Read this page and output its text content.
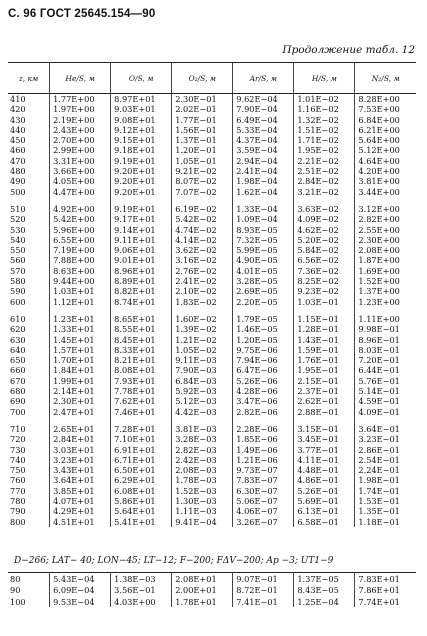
С. 96 ГОСТ 25645.154—90
Продолжение табл. 12
z, км	He/S, м	O/S, м	O₂/S, м	Ar/S, м	H/S, м	N₂/S, м
410	1.77E+00	8.97E+01	2.30E−01	9.62E−04	1.01E−02	8.28E+00
420	1.97E+00	9.03E+01	2.02E−01	7.90E−04	1.16E−02	7.53E+00
430	2.19E+00	9.08E+01	1.77E−01	6.49E−04	1.32E−02	6.84E+00
440	2.43E+00	9.12E+01	1.56E−01	5.33E−04	1.51E−02	6.21E+00
450	2.70E+00	9.15E+01	1.37E−01	4.37E−04	1.71E−02	5.64E+00
460	2.99E+00	9.18E+01	1.20E−01	3.59E−04	1.95E−02	5.12E+00
470	3.31E+00	9.19E+01	1.05E−01	2.94E−04	2.21E−02	4.64E+00
480	3.66E+00	9.20E+01	9.21E−02	2.41E−04	2.51E−02	4.20E+00
490	4.05E+00	9.20E+01	8.07E−02	1.98E−04	2.84E−02	3.81E+00
500	4.47E+00	9.20E+01	7.07E−02	1.62E−04	3.21E−02	3.44E+00

510	4.92E+00	9.19E+01	6.19E−02	1.33E−04	3.63E−02	3.12E+00
520	5.42E+00	9.17E+01	5.42E−02	1.09E−04	4.09E−02	2.82E+00
530	5.96E+00	9.14E+01	4.74E−02	8.93E−05	4.62E−02	2.55E+00
540	6.55E+00	9.11E+01	4.14E−02	7.32E−05	5.20E−02	2.30E+00
550	7.19E+00	9.06E+01	3.62E−02	5.99E−05	5.84E−02	2.08E+00
560	7.88E+00	9.01E+01	3.16E−02	4.90E−05	6.56E−02	1.87E+00
570	8.63E+00	8.96E+01	2.76E−02	4.01E−05	7.36E−02	1.69E+00
580	9.44E+00	8.89E+01	2.41E−02	3.28E−05	8.25E−02	1.52E+00
590	1.03E+01	8.82E+01	2.10E−02	2.69E−05	9.23E−02	1.37E+00
600	1.12E+01	8.74E+01	1.83E−02	2.20E−05	1.03E−01	1.23E+00

610	1.23E+01	8.65E+01	1.60E−02	1.79E−05	1.15E−01	1.11E+00
620	1.33E+01	8.55E+01	1.39E−02	1.46E−05	1.28E−01	9.98E−01
630	1.45E+01	8.45E+01	1.21E−02	1.20E−05	1.43E−01	8.96E−01
640	1.57E+01	8.33E+01	1.05E−02	9.75E−06	1.59E−01	8.03E−01
650	1.70E+01	8.21E+01	9.11E−03	7.94E−06	1.76E−01	7.20E−01
660	1.84E+01	8.08E+01	7.90E−03	6.47E−06	1.95E−01	6.44E−01
670	1.99E+01	7.93E+01	6.84E−03	5.26E−06	2.15E−01	5.76E−01
680	2.14E+01	7.78E+01	5.92E−03	4.28E−06	2.37E−01	5.14E−01
690	2.30E+01	7.62E+01	5.12E−03	3.47E−06	2.62E−01	4.59E−01
700	2.47E+01	7.46E+01	4.42E−03	2.82E−06	2.88E−01	4.09E−01

710	2.65E+01	7.28E+01	3.81E−03	2.28E−06	3.15E−01	3.64E−01
720	2.84E+01	7.10E+01	3.28E−03	1.85E−06	3.45E−01	3.23E−01
730	3.03E+01	6.91E+01	2.82E−03	1.49E−06	3.77E−01	2.86E−01
740	3.23E+01	6.71E+01	2.42E−03	1.21E−06	4.11E−01	2.54E−01
750	3.43E+01	6.50E+01	2.08E−03	9.73E−07	4.48E−01	2.24E−01
760	3.64E+01	6.29E+01	1.78E−03	7.83E−07	4.86E−01	1.98E−01
770	3.85E+01	6.08E+01	1.52E−03	6.30E−07	5.26E−01	1.74E−01
780	4.07E+01	5.86E+01	1.30E−03	5.06E−07	5.69E−01	1.53E−01
790	4.29E+01	5.64E+01	1.11E−03	4.06E−07	6.13E−01	1.35E−01
800	4.51E+01	5.41E+01	9.41E−04	3.26E−07	6.58E−01	1.18E−01
D−266; LAT− 40; LON−45; LT−12; F−200; FΔV−200; Ap −3; UT1−9
80	5.43E−04	1.38E−03	2.08E+01	9.07E−01	1.37E−05	7.83E+01
90	6.09E−04	3.56E−01	2.00E+01	8.72E−01	8.43E−05	7.86E+01
100	9.53E−04	4.03E+00	1.78E+01	7.41E−01	1.25E−04	7.74E+01
